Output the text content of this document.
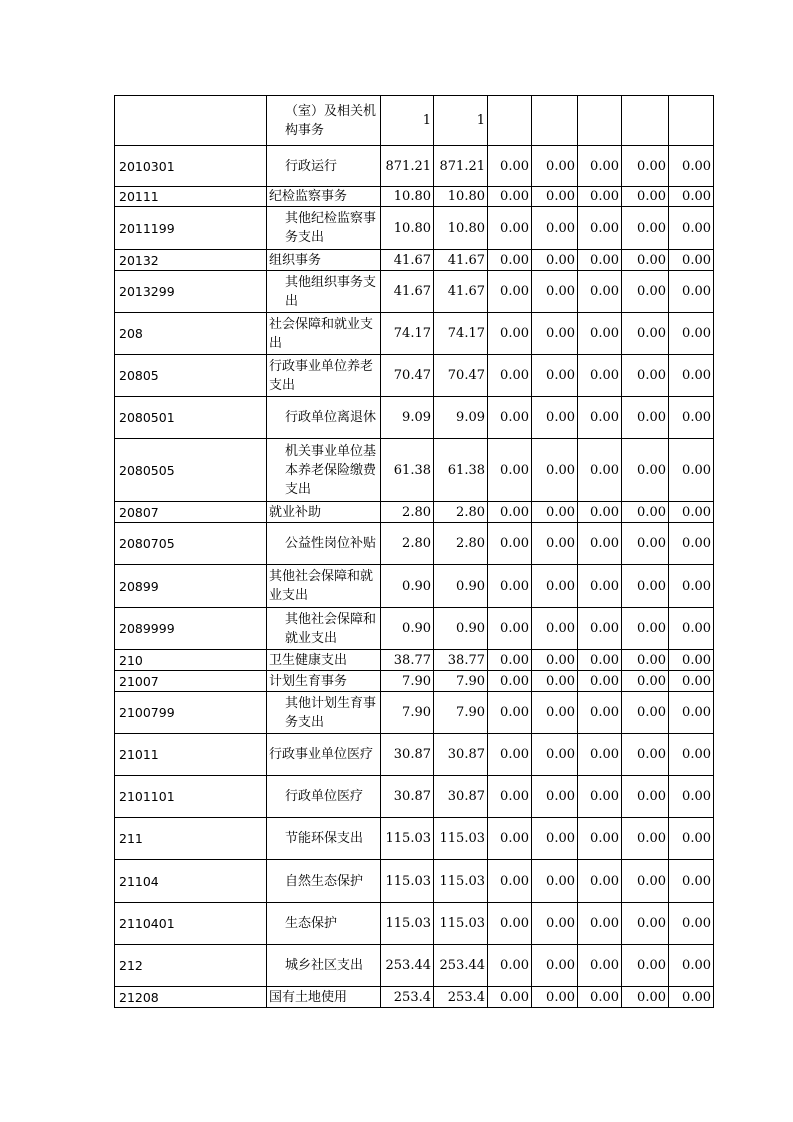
	（室）及相关机构事务	1	1					
2010301	行政运行	871.21	871.21	0.00	0.00	0.00	0.00	0.00
20111	纪检监察事务	10.80	10.80	0.00	0.00	0.00	0.00	0.00
2011199	其他纪检监察事务支出	10.80	10.80	0.00	0.00	0.00	0.00	0.00
20132	组织事务	41.67	41.67	0.00	0.00	0.00	0.00	0.00
2013299	其他组织事务支出	41.67	41.67	0.00	0.00	0.00	0.00	0.00
208	社会保障和就业支出	74.17	74.17	0.00	0.00	0.00	0.00	0.00
20805	行政事业单位养老支出	70.47	70.47	0.00	0.00	0.00	0.00	0.00
2080501	行政单位离退休	9.09	9.09	0.00	0.00	0.00	0.00	0.00
2080505	机关事业单位基本养老保险缴费支出	61.38	61.38	0.00	0.00	0.00	0.00	0.00
20807	就业补助	2.80	2.80	0.00	0.00	0.00	0.00	0.00
2080705	公益性岗位补贴	2.80	2.80	0.00	0.00	0.00	0.00	0.00
20899	其他社会保障和就业支出	0.90	0.90	0.00	0.00	0.00	0.00	0.00
2089999	其他社会保障和就业支出	0.90	0.90	0.00	0.00	0.00	0.00	0.00
210	卫生健康支出	38.77	38.77	0.00	0.00	0.00	0.00	0.00
21007	计划生育事务	7.90	7.90	0.00	0.00	0.00	0.00	0.00
2100799	其他计划生育事务支出	7.90	7.90	0.00	0.00	0.00	0.00	0.00
21011	行政事业单位医疗	30.87	30.87	0.00	0.00	0.00	0.00	0.00
2101101	行政单位医疗	30.87	30.87	0.00	0.00	0.00	0.00	0.00
211	节能环保支出	115.03	115.03	0.00	0.00	0.00	0.00	0.00
21104	自然生态保护	115.03	115.03	0.00	0.00	0.00	0.00	0.00
2110401	生态保护	115.03	115.03	0.00	0.00	0.00	0.00	0.00
212	城乡社区支出	253.44	253.44	0.00	0.00	0.00	0.00	0.00
21208	国有土地使用	253.4	253.4	0.00	0.00	0.00	0.00	0.00
